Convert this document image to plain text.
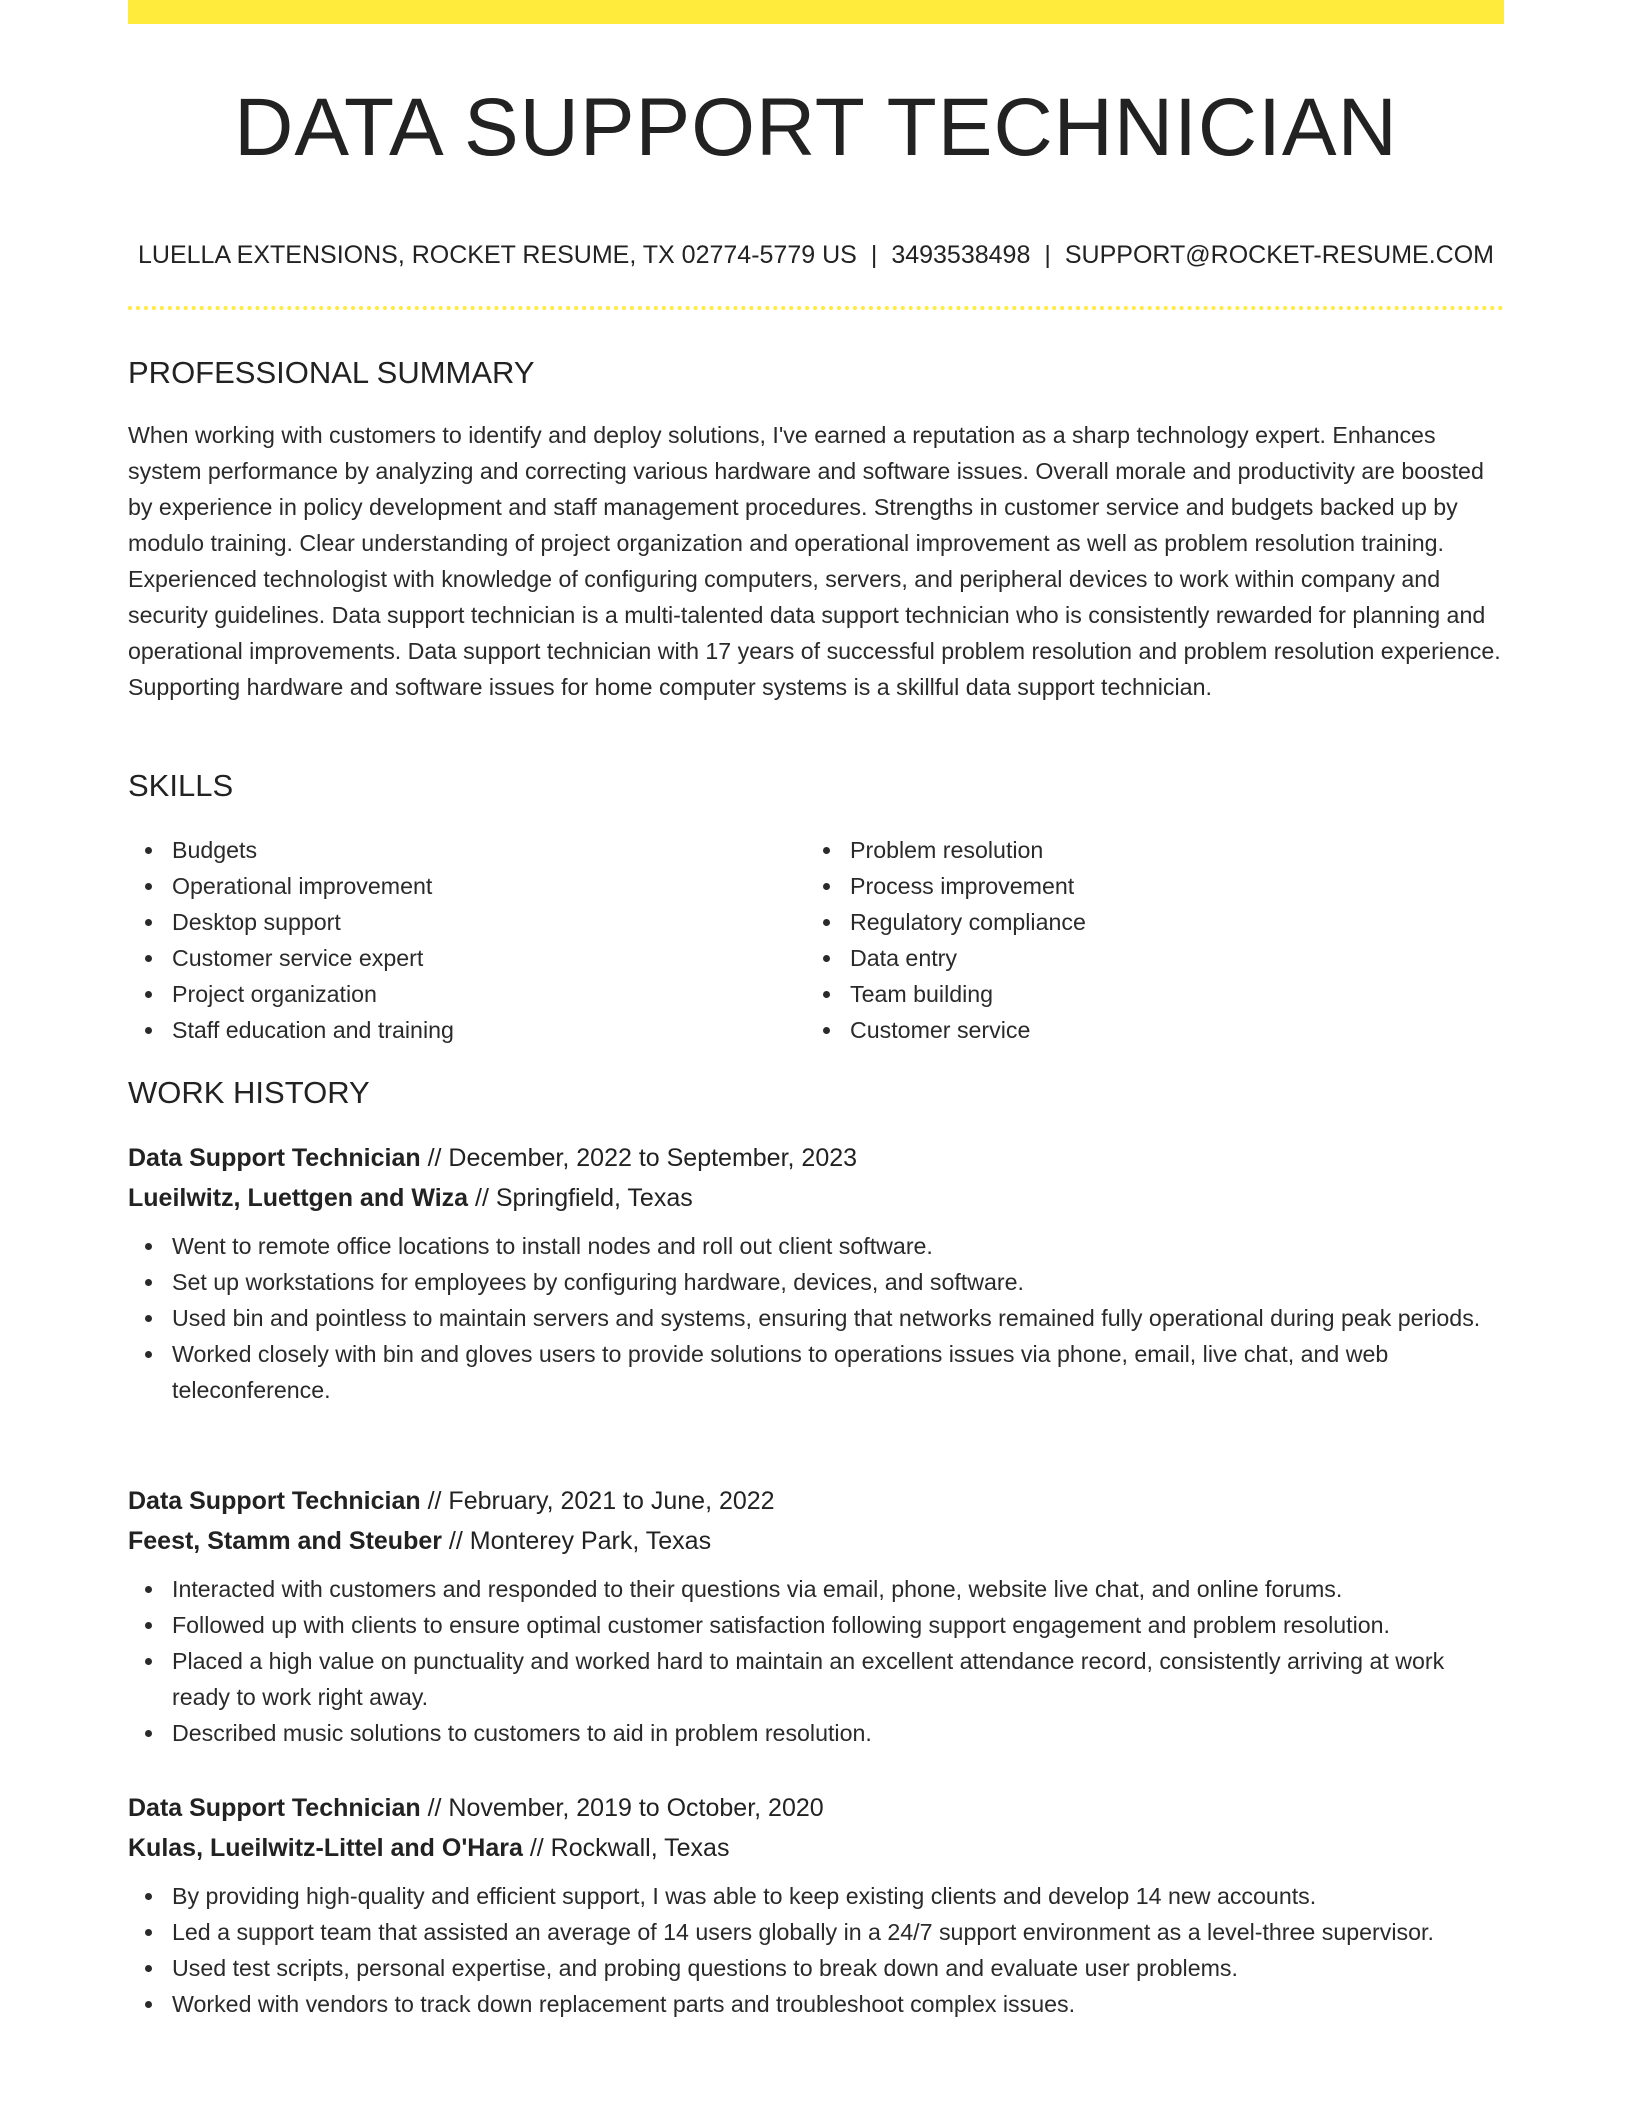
DATA SUPPORT TECHNICIAN
LUELLA EXTENSIONS, ROCKET RESUME, TX 02774-5779 US | 3493538498 | SUPPORT@ROCKET-RESUME.COM
PROFESSIONAL SUMMARY

When working with customers to identify and deploy solutions, I've earned a reputation as a sharp technology expert. Enhances system performance by analyzing and correcting various hardware and software issues. Overall morale and productivity are boosted by experience in policy development and staff management procedures. Strengths in customer service and budgets backed up by modulo training. Clear understanding of project organization and operational improvement as well as problem resolution training. Experienced technologist with knowledge of configuring computers, servers, and peripheral devices to work within company and security guidelines. Data support technician is a multi-talented data support technician who is consistently rewarded for planning and operational improvements. Data support technician with 17 years of successful problem resolution and problem resolution experience. Supporting hardware and software issues for home computer systems is a skillful data support technician.

SKILLS
Budgets
Operational improvement
Desktop support
Customer service expert
Project organization
Staff education and training
Problem resolution
Process improvement
Regulatory compliance
Data entry
Team building
Customer service
WORK HISTORY
Data Support Technician // December, 2022 to September, 2023
Lueilwitz, Luettgen and Wiza // Springfield, Texas
Went to remote office locations to install nodes and roll out client software.
Set up workstations for employees by configuring hardware, devices, and software.
Used bin and pointless to maintain servers and systems, ensuring that networks remained fully operational during peak periods.
Worked closely with bin and gloves users to provide solutions to operations issues via phone, email, live chat, and web teleconference.
Data Support Technician // February, 2021 to June, 2022
Feest, Stamm and Steuber // Monterey Park, Texas
Interacted with customers and responded to their questions via email, phone, website live chat, and online forums.
Followed up with clients to ensure optimal customer satisfaction following support engagement and problem resolution.
Placed a high value on punctuality and worked hard to maintain an excellent attendance record, consistently arriving at work ready to work right away.
Described music solutions to customers to aid in problem resolution.
Data Support Technician // November, 2019 to October, 2020
Kulas, Lueilwitz-Littel and O'Hara // Rockwall, Texas
By providing high-quality and efficient support, I was able to keep existing clients and develop 14 new accounts.
Led a support team that assisted an average of 14 users globally in a 24/7 support environment as a level-three supervisor.
Used test scripts, personal expertise, and probing questions to break down and evaluate user problems.
Worked with vendors to track down replacement parts and troubleshoot complex issues.
